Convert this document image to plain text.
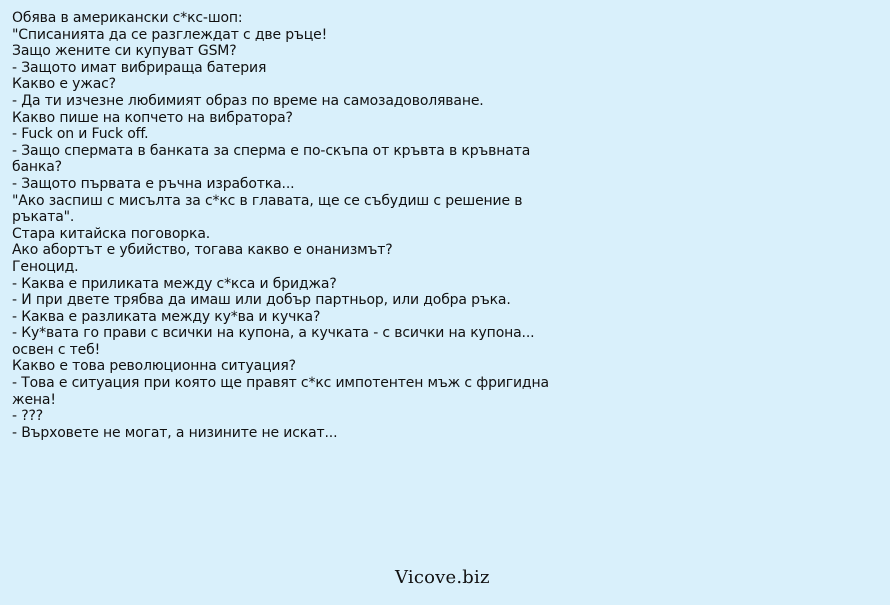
Обява в американски с*кс-шоп:
"Списанията да се разглеждат с две ръце!
Защо жените си купуват GSM?
- Защото имат вибрираща батерия
Какво е ужас?
- Да ти изчезне любимият образ по време на самозадоволяване.
Какво пише на копчето на вибратора?
- Fuck on и Fuck off.
- Защо спермата в банката за сперма е по-скъпа от кръвта в кръвната банка?
- Защото първата е ръчна изработка...
"Ако заспиш с мисълта за с*кс в главата, ще се събудиш с решение в ръката".
Стара китайска поговорка.
Ако абортът е убийство, тогава какво е онанизмът?
Геноцид.
- Каква е приликата между с*кса и бриджа?
- И при двете трябва да имаш или добър партньор, или добра ръка.
- Каква е разликата между ку*ва и кучка?
- Ку*вата го прави с всички на купона, а кучката - с всички на купона... освен с теб!
Какво е това революционна ситуация?
- Това е ситуация при която ще правят с*кс импотентен мъж с фригидна жена!
- ???
- Върховете не могат, а низините не искат...
Vicove.biz
